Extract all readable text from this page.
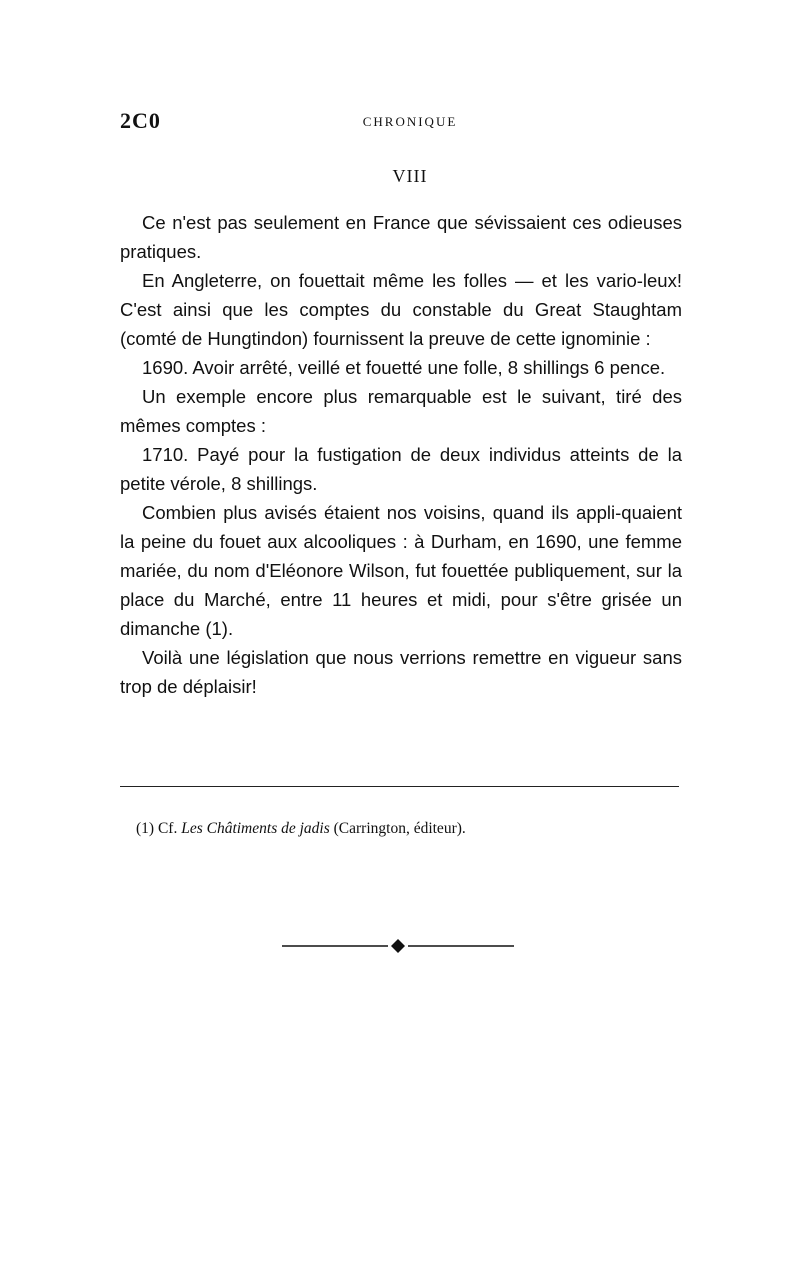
2С0	CHRONIQUE
VIII

Ce n'est pas seulement en France que sévissaient ces odieuses pratiques.

En Angleterre, on fouettait même les folles — et les vario-leux! C'est ainsi que les comptes du constable du Great Staughtam (comté de Hungtindon) fournissent la preuve de cette ignominie :

1690. Avoir arrêté, veillé et fouetté une folle, 8 shillings 6 pence.

Un exemple encore plus remarquable est le suivant, tiré des mêmes comptes :

1710. Payé pour la fustigation de deux individus atteints de la petite vérole, 8 shillings.

Combien plus avisés étaient nos voisins, quand ils appli-quaient la peine du fouet aux alcooliques : à Durham, en 1690, une femme mariée, du nom d'Eléonore Wilson, fut fouettée publiquement, sur la place du Marché, entre 11 heures et midi, pour s'être grisée un dimanche (1).

Voilà une législation que nous verrions remettre en vigueur sans trop de déplaisir!

(1) Cf. Les Châtiments de jadis (Carrington, éditeur).
